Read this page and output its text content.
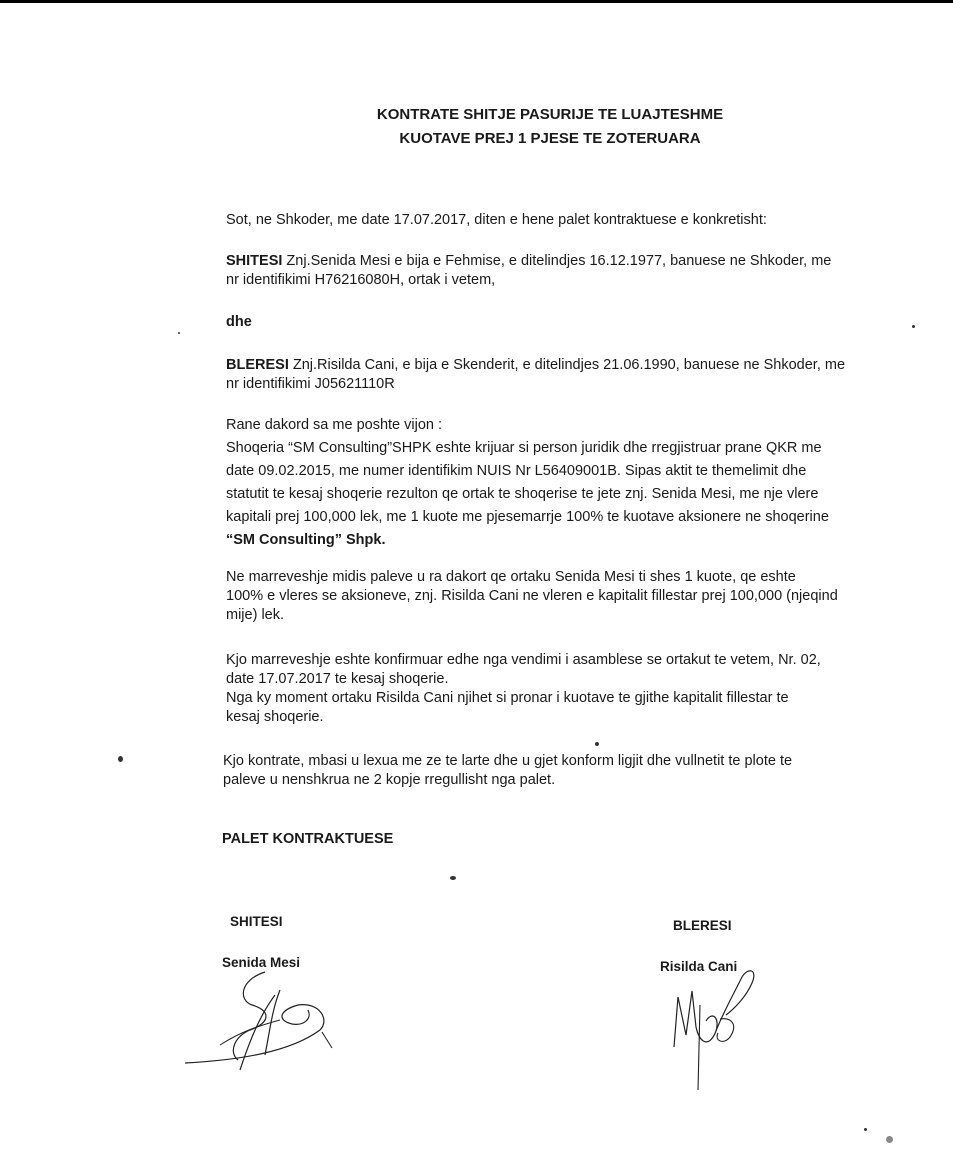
KONTRATE SHITJE PASURIJE TE LUAJTESHME
KUOTAVE PREJ 1 PJESE TE ZOTERUARA

Sot, ne Shkoder, me date 17.07.2017, diten e hene palet kontraktuese e konkretisht:

SHITESI Znj.Senida Mesi e bija e Fehmise, e ditelindjes 16.12.1977, banuese ne Shkoder, me
nr identifikimi H76216080H, ortak i vetem,

dhe

BLERESI Znj.Risilda Cani, e bija e Skenderit, e ditelindjes 21.06.1990, banuese ne Shkoder, me
nr identifikimi J05621110R

Rane dakord sa me poshte vijon :
Shoqeria “SM Consulting”SHPK eshte krijuar si person juridik dhe rregjistruar prane QKR me
date 09.02.2015, me numer identifikim NUIS Nr L56409001B. Sipas aktit te themelimit dhe
statutit te kesaj shoqerie rezulton qe ortak te shoqerise te jete znj. Senida Mesi, me nje vlere
kapitali prej 100,000 lek, me 1 kuote me pjesemarrje 100% te kuotave aksionere ne shoqerine
“SM Consulting” Shpk.

Ne marreveshje midis paleve u ra dakort qe ortaku Senida Mesi ti shes 1 kuote, qe eshte
100% e vleres se aksioneve, znj. Risilda Cani ne vleren e kapitalit fillestar prej 100,000 (njeqind
mije) lek.

Kjo marreveshje eshte konfirmuar edhe nga vendimi i asamblese se ortakut te vetem, Nr. 02,
date 17.07.2017 te kesaj shoqerie.
Nga ky moment ortaku Risilda Cani njihet si pronar i kuotave te gjithe kapitalit fillestar te
kesaj shoqerie.

Kjo kontrate, mbasi u lexua me ze te larte dhe u gjet konform ligjit dhe vullnetit te plote te
paleve u nenshkrua ne 2 kopje rregullisht nga palet.

PALET KONTRAKTUESE

SHITESI
Senida Mesi
BLERESI
Risilda Cani
